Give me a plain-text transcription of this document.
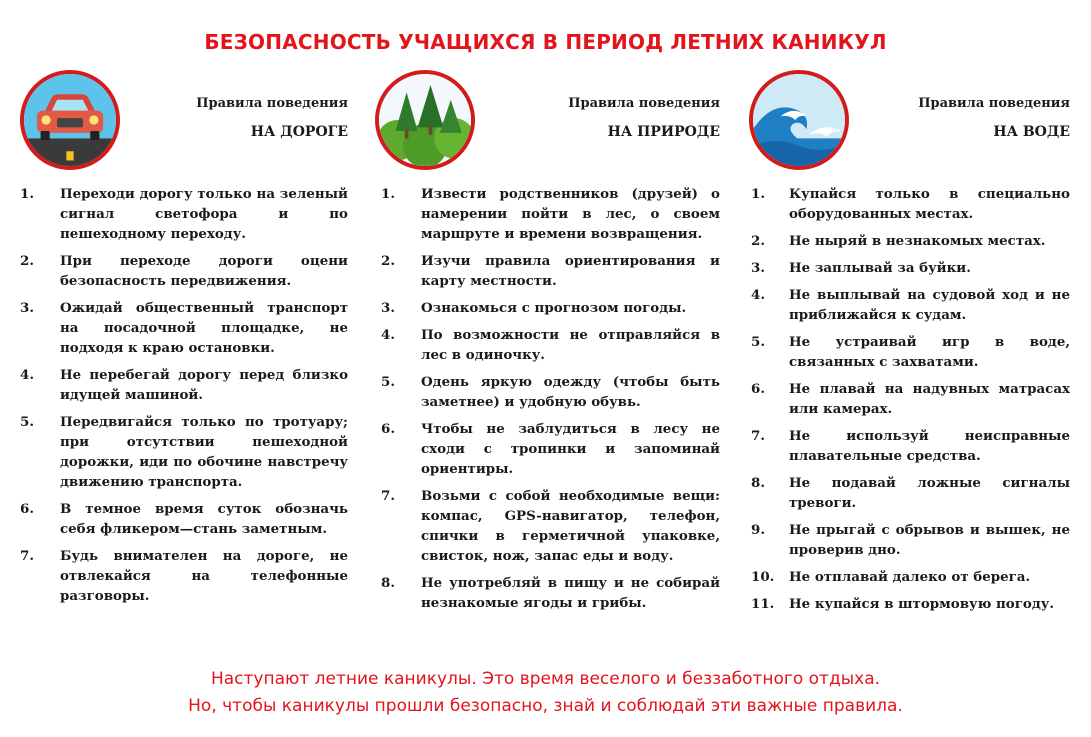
БЕЗОПАСНОСТЬ УЧАЩИХСЯ В ПЕРИОД ЛЕТНИХ КАНИКУЛ
Правила поведения
НА ДОРОГЕ
1.	Переходи дорогу только на зеленый сигнал светофора и по пешеходному переходу.
2.	При переходе дороги оцени безопасность передвижения.
3.	Ожидай общественный транспорт на посадочной площадке, не подходя к краю остановки.
4.	Не перебегай дорогу перед близко идущей машиной.
5.	Передвигайся только по тротуару; при отсутствии пешеходной дорожки, иди по обочине навстречу движению транспорта.
6.	В темное время суток обозначь себя фликером—стань заметным.
7.	Будь внимателен на дороге, не отвлекайся на телефонные разговоры.
Правила поведения
НА ПРИРОДЕ
1.	Извести родственников (друзей) о намерении пойти в лес, о своем маршруте и времени возвращения.
2.	Изучи правила ориентирования и карту местности.
3.	Ознакомься с прогнозом погоды.
4.	По возможности не отправляйся в лес в одиночку.
5.	Одень яркую одежду (чтобы быть заметнее) и удобную обувь.
6.	Чтобы не заблудиться в лесу не сходи с тропинки и запоминай ориентиры.
7.	Возьми с собой необходимые вещи: компас, GPS-навигатор, телефон, спички в герметичной упаковке, свисток, нож, запас еды и воду.
8.	Не употребляй в пищу и не собирай незнакомые ягоды и грибы.
Правила поведения
НА ВОДЕ
1.	Купайся только в специально оборудованных местах.
2.	Не ныряй в незнакомых местах.
3.	Не заплывай за буйки.
4.	Не выплывай на судовой ход и не приближайся к судам.
5.	Не устраивай игр в воде, связанных с захватами.
6.	Не плавай на надувных матрасах или камерах.
7.	Не используй неисправные плавательные средства.
8.	Не подавай ложные сигналы тревоги.
9.	Не прыгай с обрывов и вышек, не проверив дно.
10.	Не отплавай далеко от берега.
11.	Не купайся в штормовую погоду.
Наступают летние каникулы. Это время веселого и беззаботного отдыха.
Но, чтобы каникулы прошли безопасно, знай и соблюдай эти важные правила.
